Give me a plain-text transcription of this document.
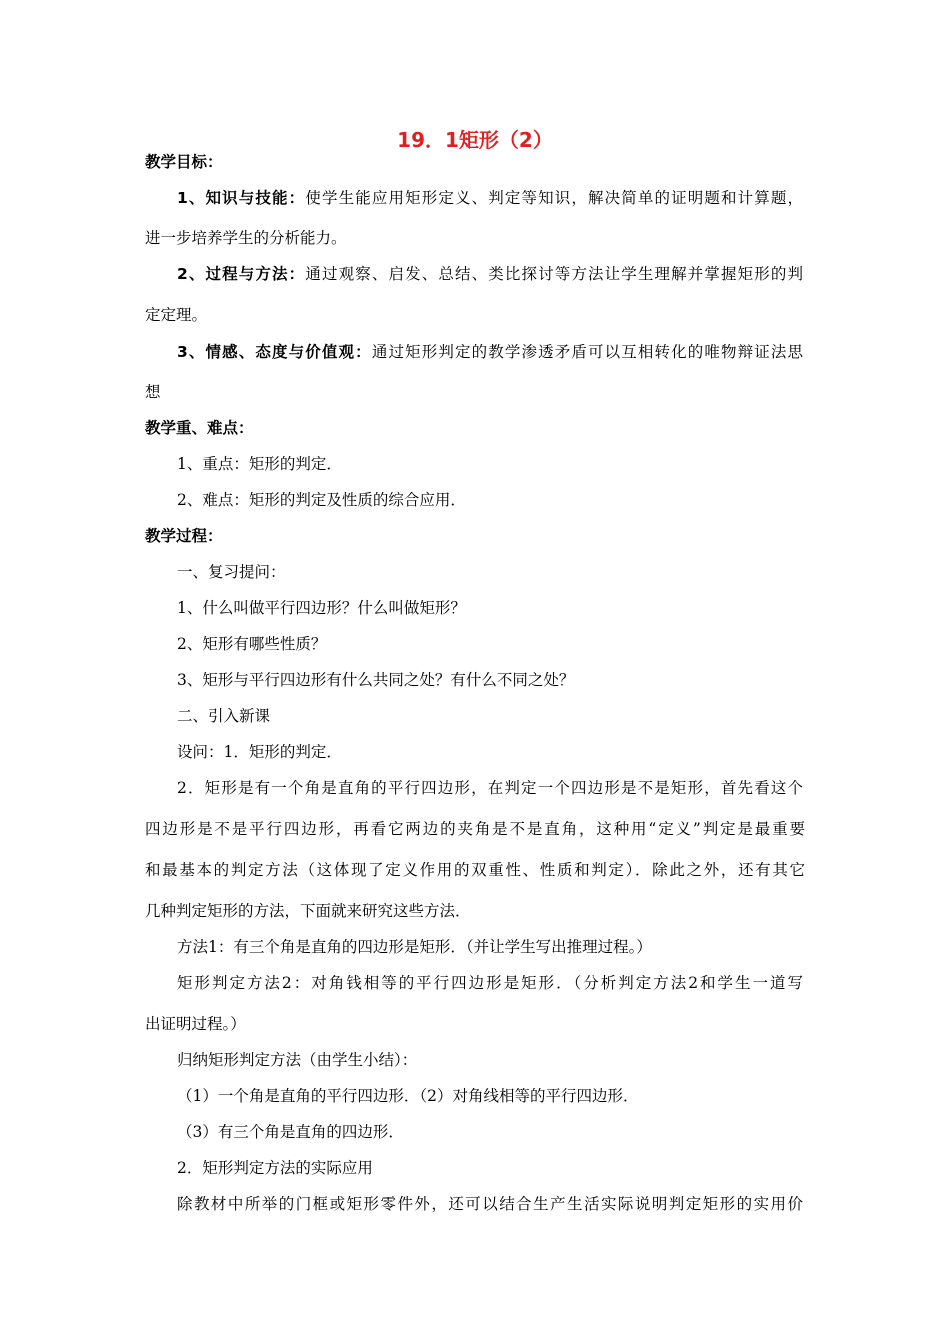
19．1矩形（2）
教学目标：
1、知识与技能：使学生能应用矩形定义、判定等知识，解决简单的证明题和计算题，
进一步培养学生的分析能力。
2、过程与方法：通过观察、启发、总结、类比探讨等方法让学生理解并掌握矩形的判
定定理。
3、情感、态度与价值观：通过矩形判定的教学渗透矛盾可以互相转化的唯物辩证法思
想
教学重、难点：
1、重点：矩形的判定．
2、难点：矩形的判定及性质的综合应用．
教学过程：
一、复习提问：
1、什么叫做平行四边形？什么叫做矩形？
2、矩形有哪些性质？
3、矩形与平行四边形有什么共同之处？有什么不同之处？
二、引入新课
设问：1．矩形的判定．
2．矩形是有一个角是直角的平行四边形，在判定一个四边形是不是矩形，首先看这个
四边形是不是平行四边形，再看它两边的夹角是不是直角，这种用“定义”判定是最重要
和最基本的判定方法（这体现了定义作用的双重性、性质和判定）．除此之外，还有其它
几种判定矩形的方法，下面就来研究这些方法．
方法1：有三个角是直角的四边形是矩形．（并让学生写出推理过程。）
矩形判定方法2：对角钱相等的平行四边形是矩形．（分析判定方法2和学生一道写
出证明过程。）
归纳矩形判定方法（由学生小结）：
（1）一个角是直角的平行四边形．（2）对角线相等的平行四边形．
（3）有三个角是直角的四边形．
2．矩形判定方法的实际应用
除教材中所举的门框或矩形零件外，还可以结合生产生活实际说明判定矩形的实用价
